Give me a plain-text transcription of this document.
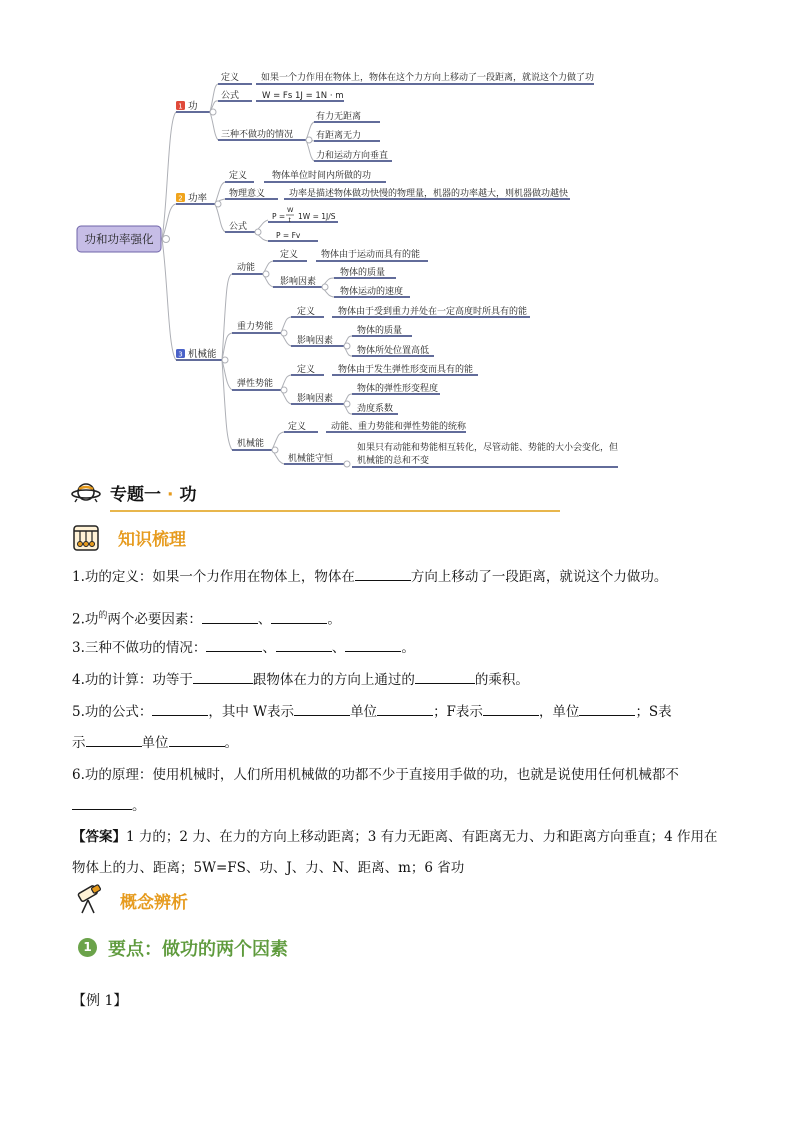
功和功率强化
1 功
2 功率
3 机械能
定义 如果一个力作用在物体上，物体在这个力方向上移动了一段距离，就说这个力做了功
公式	W = Fs 1J = 1N · m
三种不做功的情况
有力无距离
有距离无力
力和运动方向垂直
定义	物体单位时间内所做的功
物理意义	功率是描述物体做功快慢的物理量，机器的功率越大，则机器做功越快
公式
P =
W
t 1W = 1J/S
P = Fv
动能
定义	物体由于运动而具有的能
影响因素
物体的质量
物体运动的速度
重力势能
定义	物体由于受到重力并处在一定高度时所具有的能
影响因素
物体的质量
物体所处位置高低
弹性势能
定义	物体由于发生弹性形变而具有的能
影响因素
物体的弹性形变程度
劲度系数
机械能
定义	动能、重力势能和弹性势能的统称
机械能守恒
如果只有动能和势能相互转化，尽管动能、势能的大小会变化，但
机械能的总和不变
专题一 · 功
知识梳理
1.功的定义：如果一个力作用在物体上，物体在	方向上移动了一段距离，就说这个力做功。
2.功$^的$两个必要因素：	、	。
3.三种不做功的情况：	、	、	。
4.功的计算：功等于	跟物体在力的方向上通过的	的乘积。
5.功的公式：	，其中 W表示	单位	；F表示	，单位	；S表
示	单位	。
6.功的原理：使用机械时，人们所用机械做的功都不少于直接用手做的功，也就是说使用任何机械都不
。
【答案】1 力的；2 力、在力的方向上移动距离；3 有力无距离、有距离无力、力和距离方向垂直；4 作用在物体上的力、距离；5W=FS、功、J、力、N、距离、m；6 省功
概念辨析
1 要点：做功的两个因素
【例 1】
